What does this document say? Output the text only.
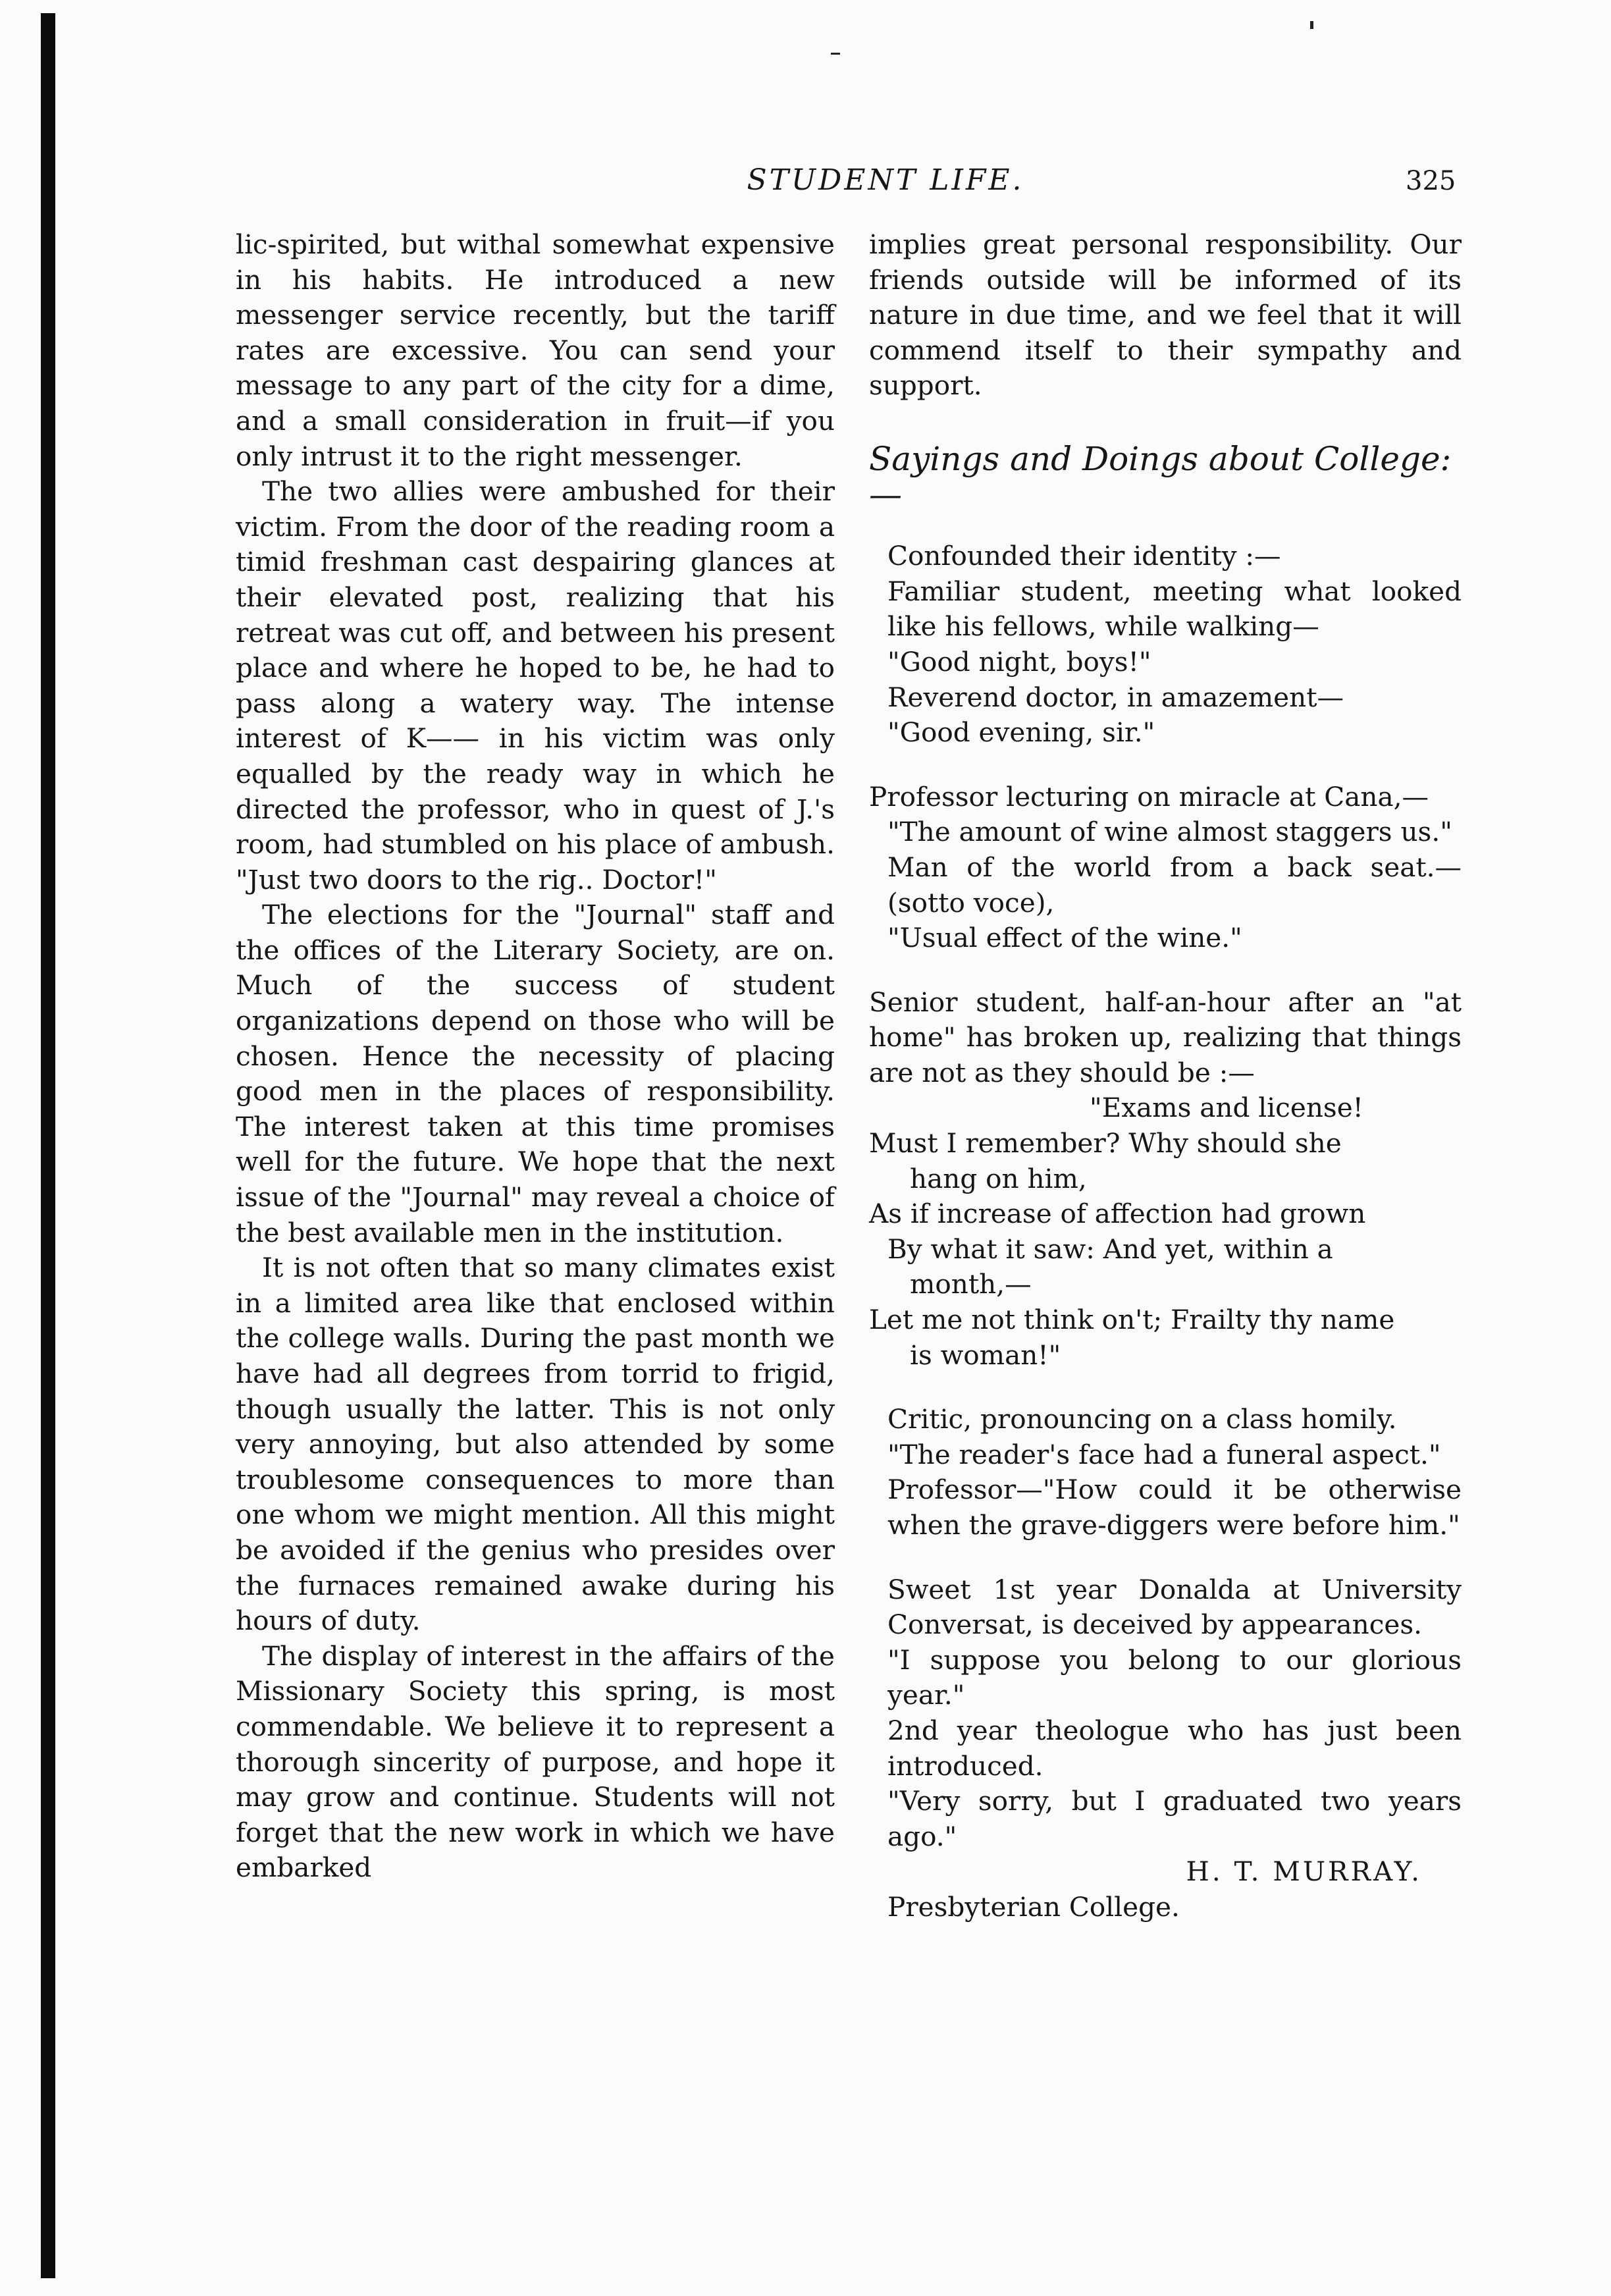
STUDENT LIFE.	325

lic-spirited, but withal somewhat expensive in his habits. He introduced a new messenger service recently, but the tariff rates are excessive. You can send your message to any part of the city for a dime, and a small consideration in fruit—if you only intrust it to the right messenger.

The two allies were ambushed for their victim. From the door of the reading room a timid freshman cast despairing glances at their elevated post, realizing that his retreat was cut off, and between his present place and where he hoped to be, he had to pass along a watery way. The intense interest of K—— in his victim was only equalled by the ready way in which he directed the professor, who in quest of J.'s room, had stumbled on his place of ambush. "Just two doors to the rig.. Doctor!"

The elections for the "Journal" staff and the offices of the Literary Society, are on. Much of the success of student organizations depend on those who will be chosen. Hence the necessity of placing good men in the places of responsibility. The interest taken at this time promises well for the future. We hope that the next issue of the "Journal" may reveal a choice of the best available men in the institution.

It is not often that so many climates exist in a limited area like that enclosed within the college walls. During the past month we have had all degrees from torrid to frigid, though usually the latter. This is not only very annoying, but also attended by some troublesome consequences to more than one whom we might mention. All this might be avoided if the genius who presides over the furnaces remained awake during his hours of duty.

The display of interest in the affairs of the Missionary Society this spring, is most commendable. We believe it to represent a thorough sincerity of purpose, and hope it may grow and continue. Students will not forget that the new work in which we have embarked

implies great personal responsibility. Our friends outside will be informed of its nature in due time, and we feel that it will commend itself to their sympathy and support.

Sayings and Doings about College:—

Confounded their identity :—

Familiar student, meeting what looked like his fellows, while walking—

"Good night, boys!"

Reverend doctor, in amazement—

"Good evening, sir."

Professor lecturing on miracle at Cana,—

"The amount of wine almost staggers us."

Man of the world from a back seat.—(sotto voce),

"Usual effect of the wine."

Senior student, half-an-hour after an "at home" has broken up, realizing that things are not as they should be :—

"Exams and license!

Must I remember? Why should she

hang on him,

As if increase of affection had grown

By what it saw: And yet, within a

month,—

Let me not think on't; Frailty thy name

is woman!"

Critic, pronouncing on a class homily.

"The reader's face had a funeral aspect."

Professor—"How could it be otherwise when the grave-diggers were before him."

Sweet 1st year Donalda at University Conversat, is deceived by appearances.

"I suppose you belong to our glorious year."

2nd year theologue who has just been introduced.

"Very sorry, but I graduated two years ago."

H. T. MURRAY.

Presbyterian College.
